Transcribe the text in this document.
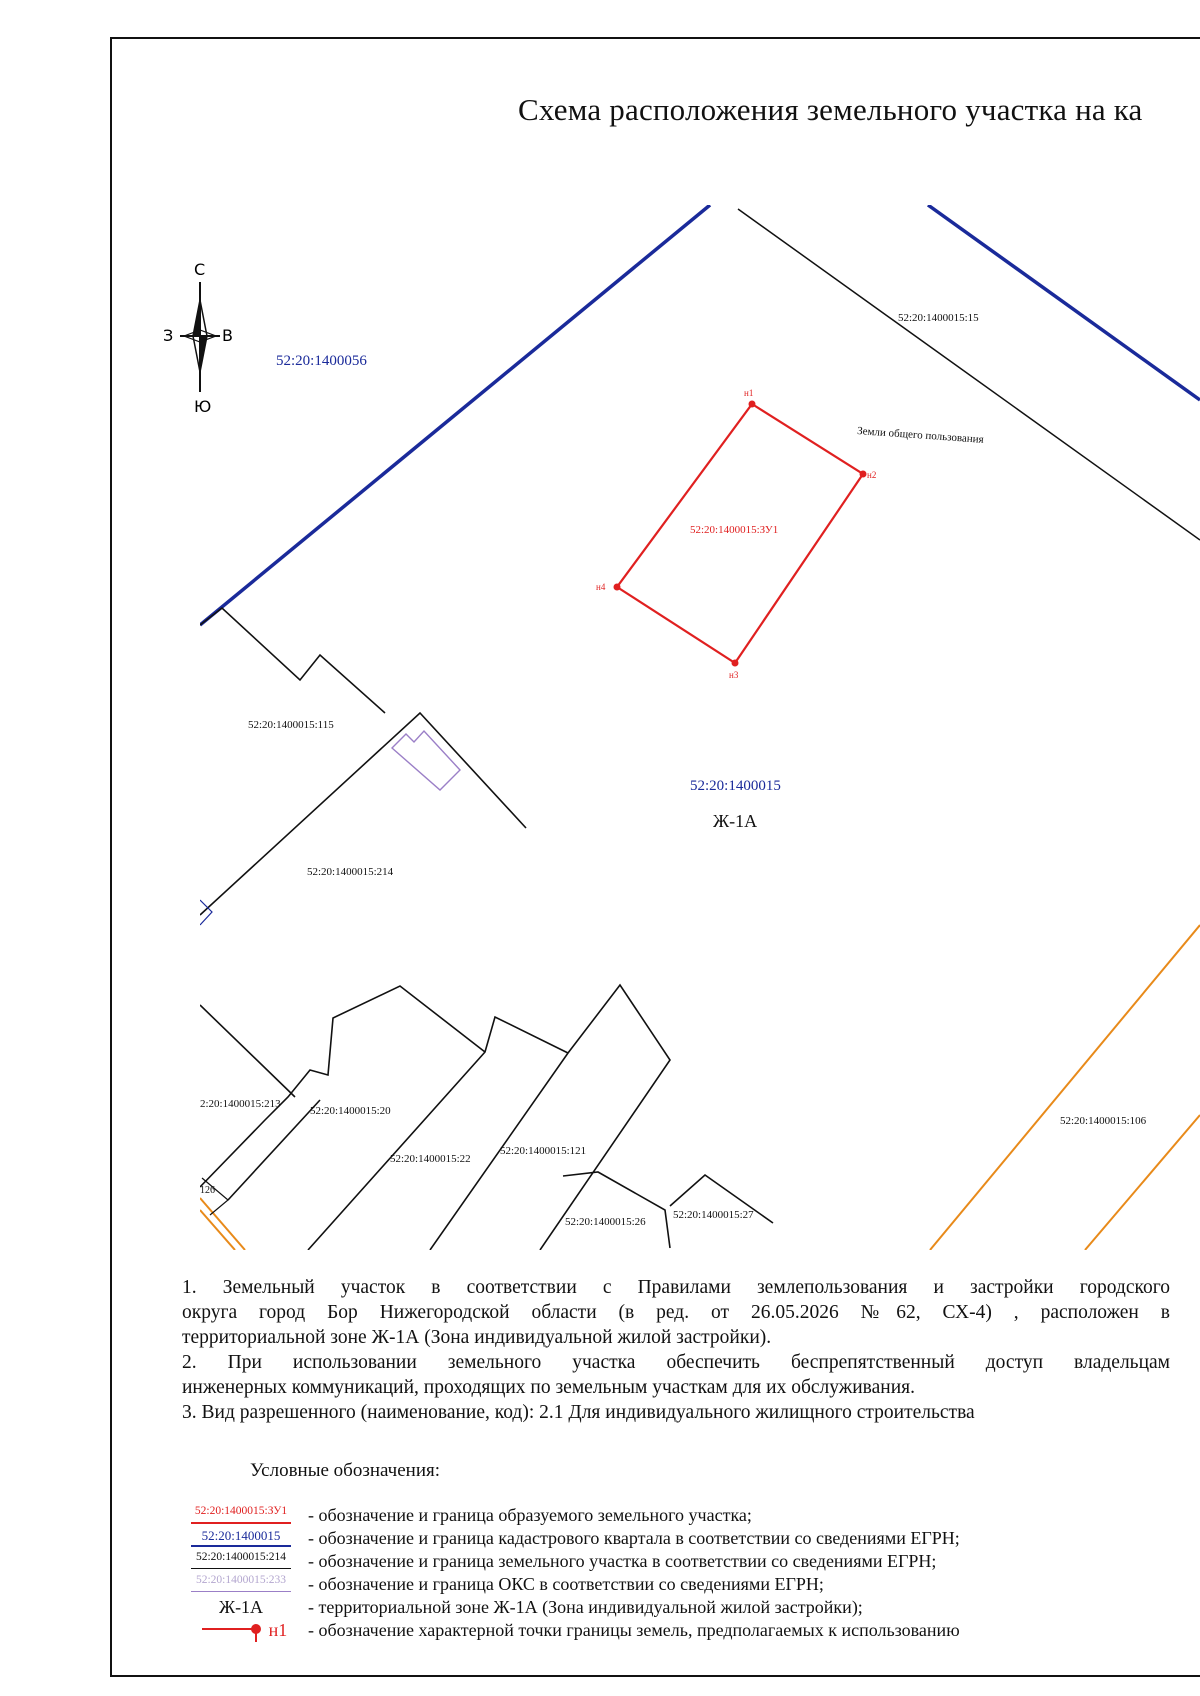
Схема расположения земельного участка на ка
С
Ю
З	В
52:20:1400056
52:20:1400015:15
Земли общего пользования
н1
н2
н3
н4
52:20:1400015:ЗУ1
52:20:1400015
Ж-1А
52:20:1400015:115
52:20:1400015:214
2:20:1400015:213
52:20:1400015:20
52:20:1400015:22
52:20:1400015:121
52:20:1400015:26
52:20:1400015:27
52:20:1400015:106
126

1. Земельный участок в соответствии с Правилами землепользования и застройки городского

округа город Бор Нижегородской области (в ред. от 26.05.2026 №62, СХ-4) , расположен в

территориальной зоне Ж-1А (Зона индивидуальной жилой застройки).

2. При использовании земельного участка обеспечить беспрепятственный доступ владельцам

инженерных коммуникаций, проходящих по земельным участкам для их обслуживания.

3. Вид разрешенного (наименование, код): 2.1 Для индивидуального жилищного строительства

Условные обозначения:
52:20:1400015:ЗУ1	- обозначение и граница образуемого земельного участка;
52:20:1400015	- обозначение и граница кадастрового квартала в соответствии со сведениями ЕГРН;
52:20:1400015:214	- обозначение и граница земельного участка в соответствии со сведениями ЕГРН;
52:20:1400015:233	- обозначение и граница ОКС в соответствии со сведениями ЕГРН;
Ж-1А	- территориальной зоне Ж-1А (Зона индивидуальной жилой застройки);
н1	- обозначение характерной точки границы земель, предполагаемых к использованию
